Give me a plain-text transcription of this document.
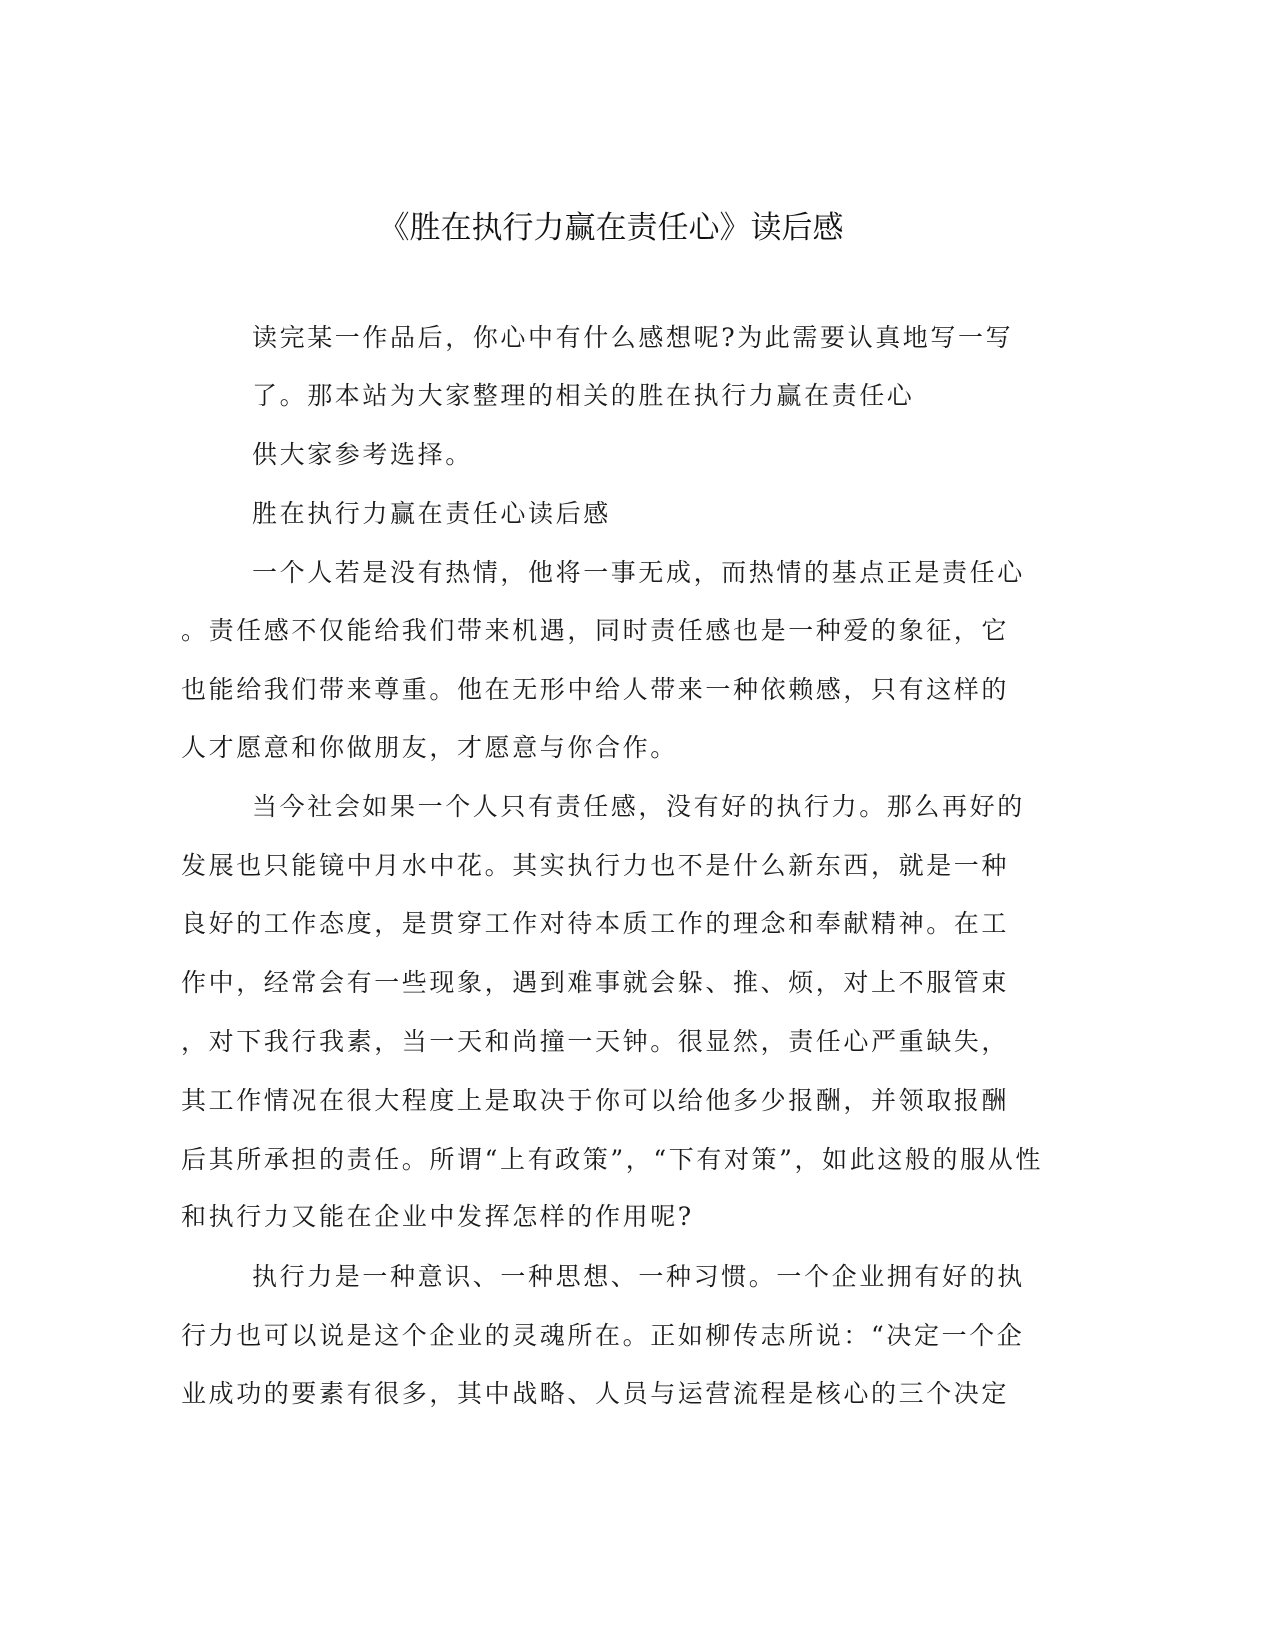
《胜在执行力赢在责任心》读后感
读完某一作品后，你心中有什么感想呢?为此需要认真地写一写
了。那本站为大家整理的相关的胜在执行力赢在责任心
供大家参考选择。
胜在执行力赢在责任心读后感
一个人若是没有热情，他将一事无成，而热情的基点正是责任心
。责任感不仅能给我们带来机遇，同时责任感也是一种爱的象征，它
也能给我们带来尊重。他在无形中给人带来一种依赖感，只有这样的
人才愿意和你做朋友，才愿意与你合作。
当今社会如果一个人只有责任感，没有好的执行力。那么再好的
发展也只能镜中月水中花。其实执行力也不是什么新东西，就是一种
良好的工作态度，是贯穿工作对待本质工作的理念和奉献精神。在工
作中，经常会有一些现象，遇到难事就会躲、推、烦，对上不服管束
，对下我行我素，当一天和尚撞一天钟。很显然，责任心严重缺失，
其工作情况在很大程度上是取决于你可以给他多少报酬，并领取报酬
后其所承担的责任。所谓“上有政策”，“下有对策”，如此这般的服从性
和执行力又能在企业中发挥怎样的作用呢?
执行力是一种意识、一种思想、一种习惯。一个企业拥有好的执
行力也可以说是这个企业的灵魂所在。正如柳传志所说：“决定一个企
业成功的要素有很多，其中战略、人员与运营流程是核心的三个决定
